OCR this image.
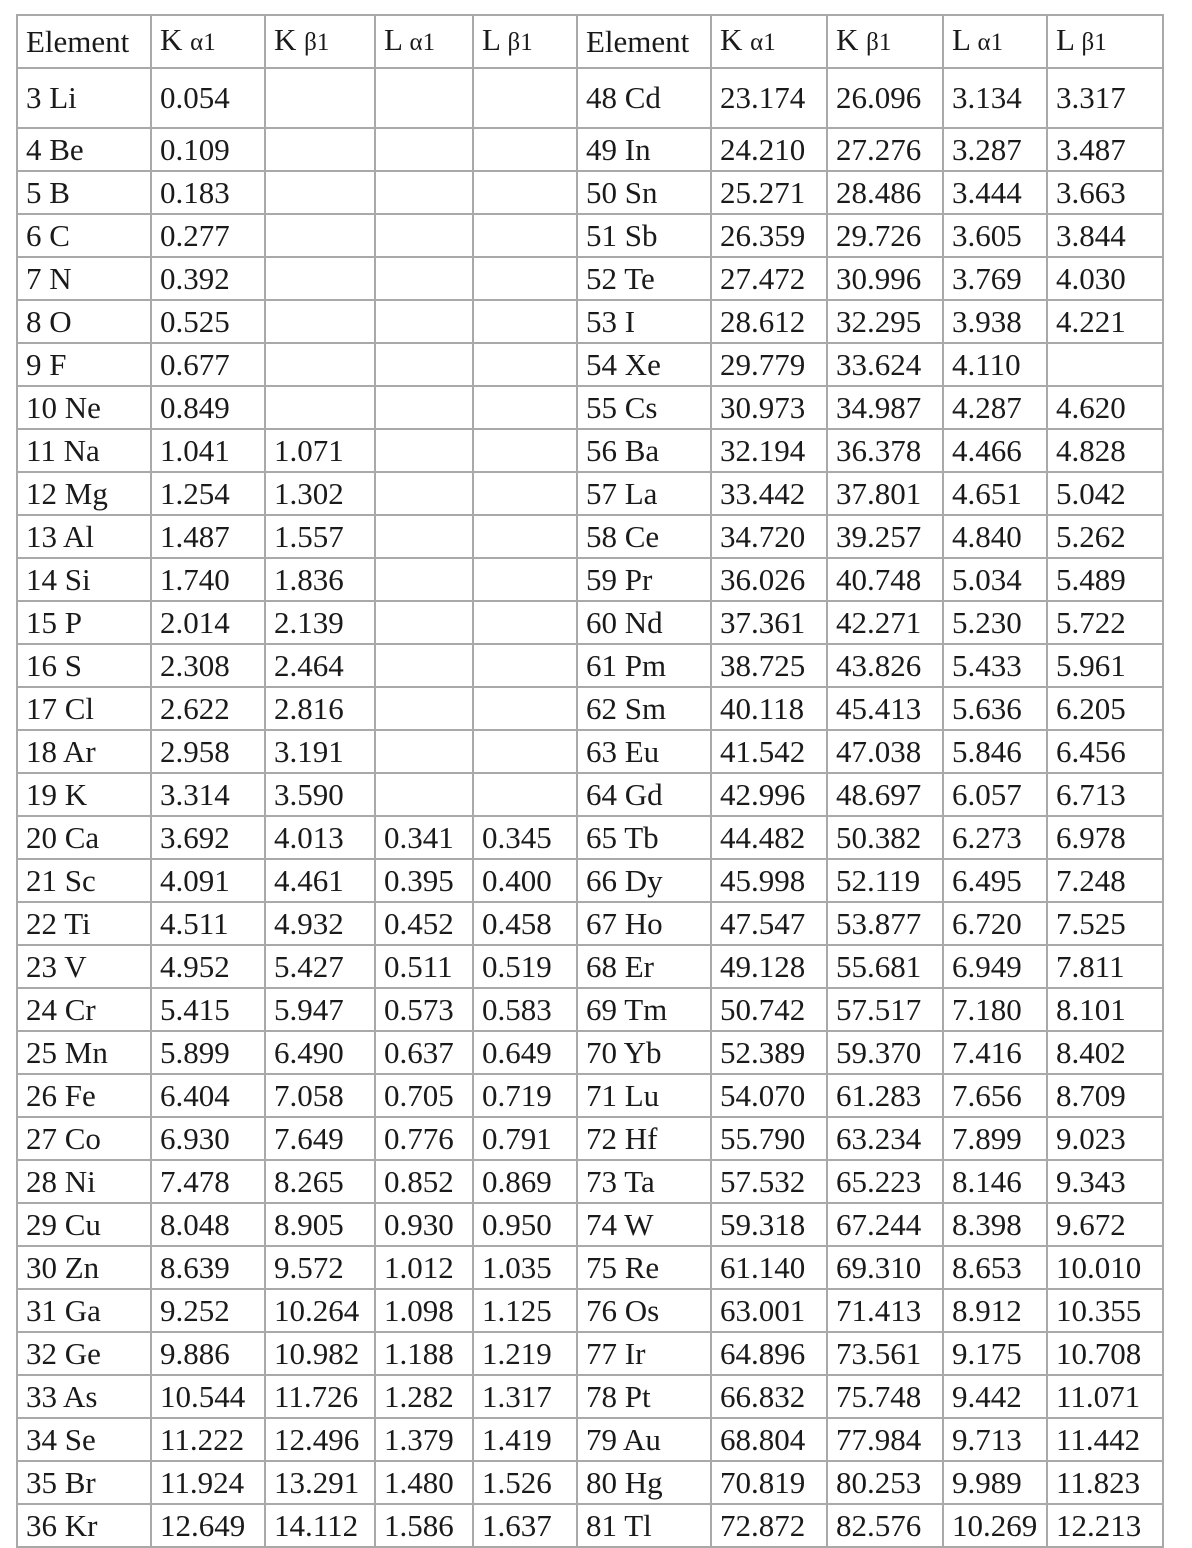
Element	K α1	K β1	L α1	L β1	Element	K α1	K β1	L α1	L β1
3 Li	0.054				48 Cd	23.174	26.096	3.134	3.317
4 Be	0.109				49 In	24.210	27.276	3.287	3.487
5 B	0.183				50 Sn	25.271	28.486	3.444	3.663
6 C	0.277				51 Sb	26.359	29.726	3.605	3.844
7 N	0.392				52 Te	27.472	30.996	3.769	4.030
8 O	0.525				53 I	28.612	32.295	3.938	4.221
9 F	0.677				54 Xe	29.779	33.624	4.110	
10 Ne	0.849				55 Cs	30.973	34.987	4.287	4.620
11 Na	1.041	1.071			56 Ba	32.194	36.378	4.466	4.828
12 Mg	1.254	1.302			57 La	33.442	37.801	4.651	5.042
13 Al	1.487	1.557			58 Ce	34.720	39.257	4.840	5.262
14 Si	1.740	1.836			59 Pr	36.026	40.748	5.034	5.489
15 P	2.014	2.139			60 Nd	37.361	42.271	5.230	5.722
16 S	2.308	2.464			61 Pm	38.725	43.826	5.433	5.961
17 Cl	2.622	2.816			62 Sm	40.118	45.413	5.636	6.205
18 Ar	2.958	3.191			63 Eu	41.542	47.038	5.846	6.456
19 K	3.314	3.590			64 Gd	42.996	48.697	6.057	6.713
20 Ca	3.692	4.013	0.341	0.345	65 Tb	44.482	50.382	6.273	6.978
21 Sc	4.091	4.461	0.395	0.400	66 Dy	45.998	52.119	6.495	7.248
22 Ti	4.511	4.932	0.452	0.458	67 Ho	47.547	53.877	6.720	7.525
23 V	4.952	5.427	0.511	0.519	68 Er	49.128	55.681	6.949	7.811
24 Cr	5.415	5.947	0.573	0.583	69 Tm	50.742	57.517	7.180	8.101
25 Mn	5.899	6.490	0.637	0.649	70 Yb	52.389	59.370	7.416	8.402
26 Fe	6.404	7.058	0.705	0.719	71 Lu	54.070	61.283	7.656	8.709
27 Co	6.930	7.649	0.776	0.791	72 Hf	55.790	63.234	7.899	9.023
28 Ni	7.478	8.265	0.852	0.869	73 Ta	57.532	65.223	8.146	9.343
29 Cu	8.048	8.905	0.930	0.950	74 W	59.318	67.244	8.398	9.672
30 Zn	8.639	9.572	1.012	1.035	75 Re	61.140	69.310	8.653	10.010
31 Ga	9.252	10.264	1.098	1.125	76 Os	63.001	71.413	8.912	10.355
32 Ge	9.886	10.982	1.188	1.219	77 Ir	64.896	73.561	9.175	10.708
33 As	10.544	11.726	1.282	1.317	78 Pt	66.832	75.748	9.442	11.071
34 Se	11.222	12.496	1.379	1.419	79 Au	68.804	77.984	9.713	11.442
35 Br	11.924	13.291	1.480	1.526	80 Hg	70.819	80.253	9.989	11.823
36 Kr	12.649	14.112	1.586	1.637	81 Tl	72.872	82.576	10.269	12.213
